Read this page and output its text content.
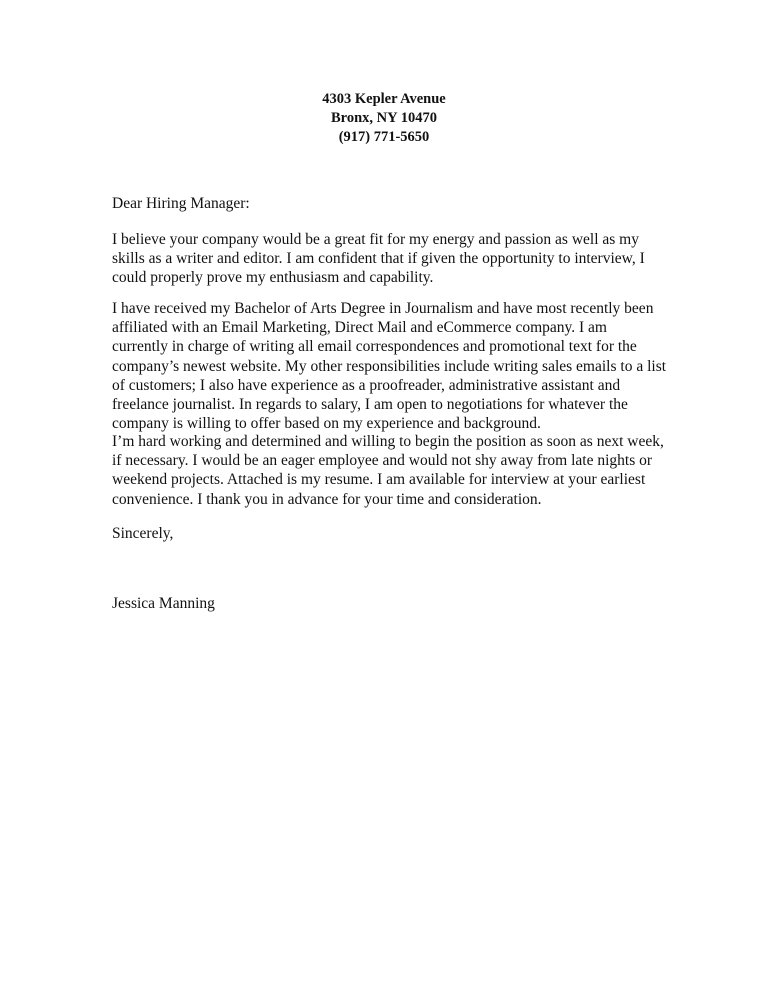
4303 Kepler Avenue
Bronx, NY 10470
(917) 771-5650
Dear Hiring Manager:
I believe your company would be a great fit for my energy and passion as well as my
skills as a writer and editor. I am confident that if given the opportunity to interview, I
could properly prove my enthusiasm and capability.
I have received my Bachelor of Arts Degree in Journalism and have most recently been
affiliated with an Email Marketing, Direct Mail and eCommerce company. I am
currently in charge of writing all email correspondences and promotional text for the
company’s newest website. My other responsibilities include writing sales emails to a list
of customers; I also have experience as a proofreader, administrative assistant and
freelance journalist. In regards to salary, I am open to negotiations for whatever the
company is willing to offer based on my experience and background.
I’m hard working and determined and willing to begin the position as soon as next week,
if necessary. I would be an eager employee and would not shy away from late nights or
weekend projects. Attached is my resume. I am available for interview at your earliest
convenience. I thank you in advance for your time and consideration.
Sincerely,
Jessica Manning
